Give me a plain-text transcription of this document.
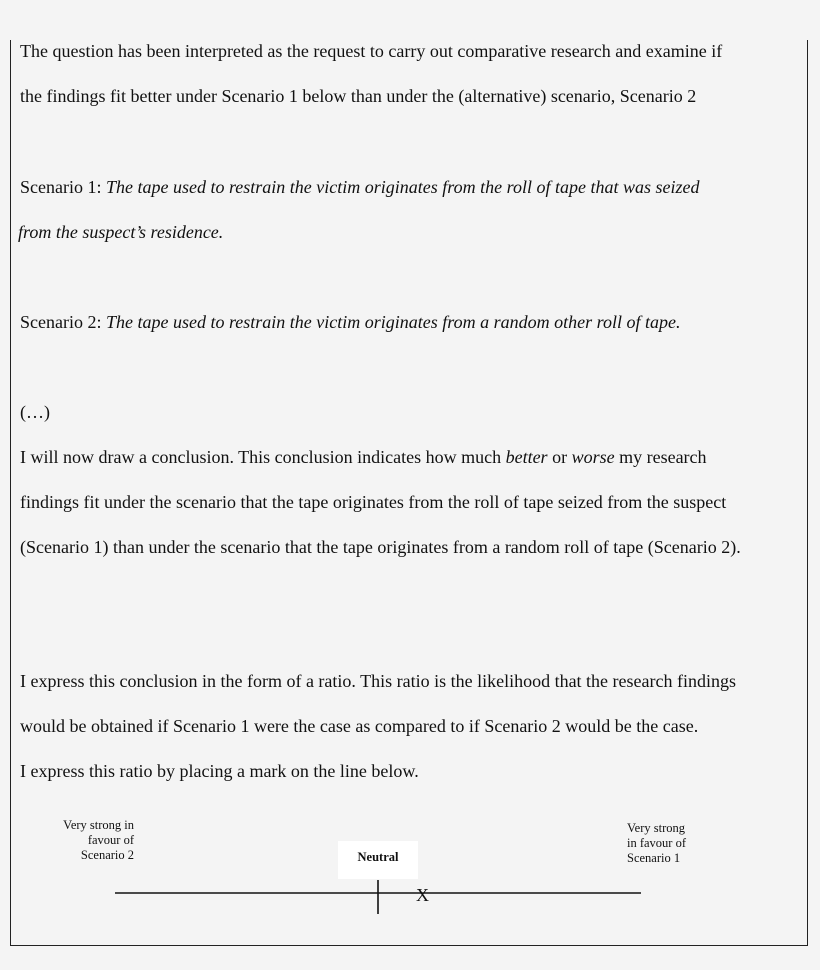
The question has been interpreted as the request to carry out comparative research and examine if
the findings fit better under Scenario 1 below than under the (alternative) scenario, Scenario 2
Scenario 1: The tape used to restrain the victim originates from the roll of tape that was seized
from the suspect’s residence.
Scenario 2: The tape used to restrain the victim originates from a random other roll of tape.
(…)
I will now draw a conclusion. This conclusion indicates how much better or worse my research
findings fit under the scenario that the tape originates from the roll of tape seized from the suspect
(Scenario 1) than under the scenario that the tape originates from a random roll of tape (Scenario 2).
I express this conclusion in the form of a ratio. This ratio is the likelihood that the research findings
would be obtained if Scenario 1 were the case as compared to if Scenario 2 would be the case.
I express this ratio by placing a mark on the line below.
Very strong in
favour of
Scenario 2	Neutral
Very strong
in favour of
Scenario 1
X
